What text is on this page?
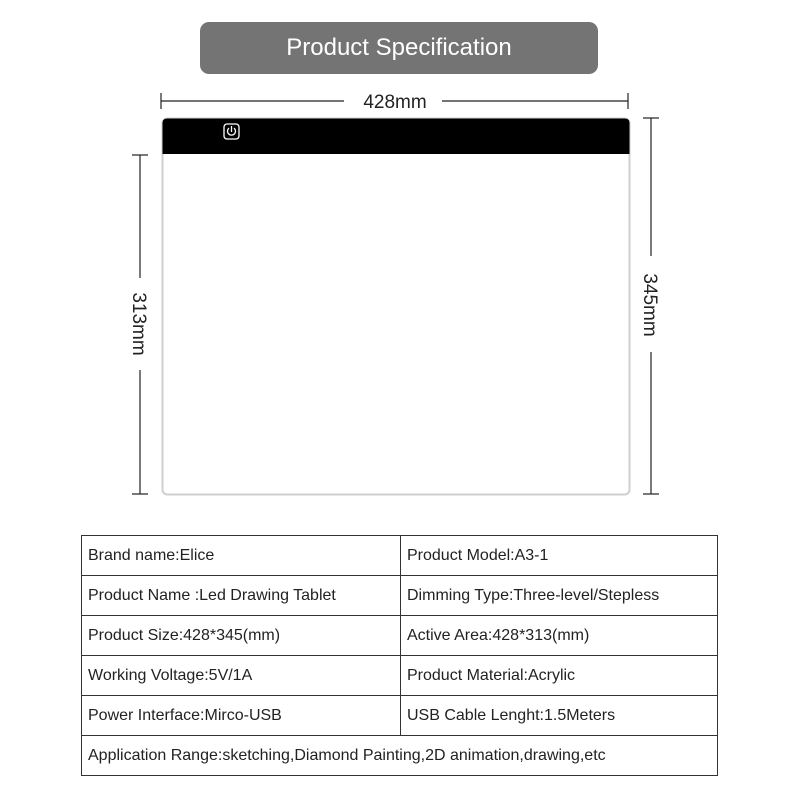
Product Specification
428mm
313mm	345mm
Brand name:Elice	Product Model:A3-1
Product Name :Led Drawing Tablet	Dimming Type:Three-level/Stepless
Product Size:428*345(mm)	Active Area:428*313(mm)
Working Voltage:5V/1A	Product Material:Acrylic
Power Interface:Mirco-USB	USB Cable Lenght:1.5Meters
Application Range:sketching,Diamond Painting,2D animation,drawing,etc	
